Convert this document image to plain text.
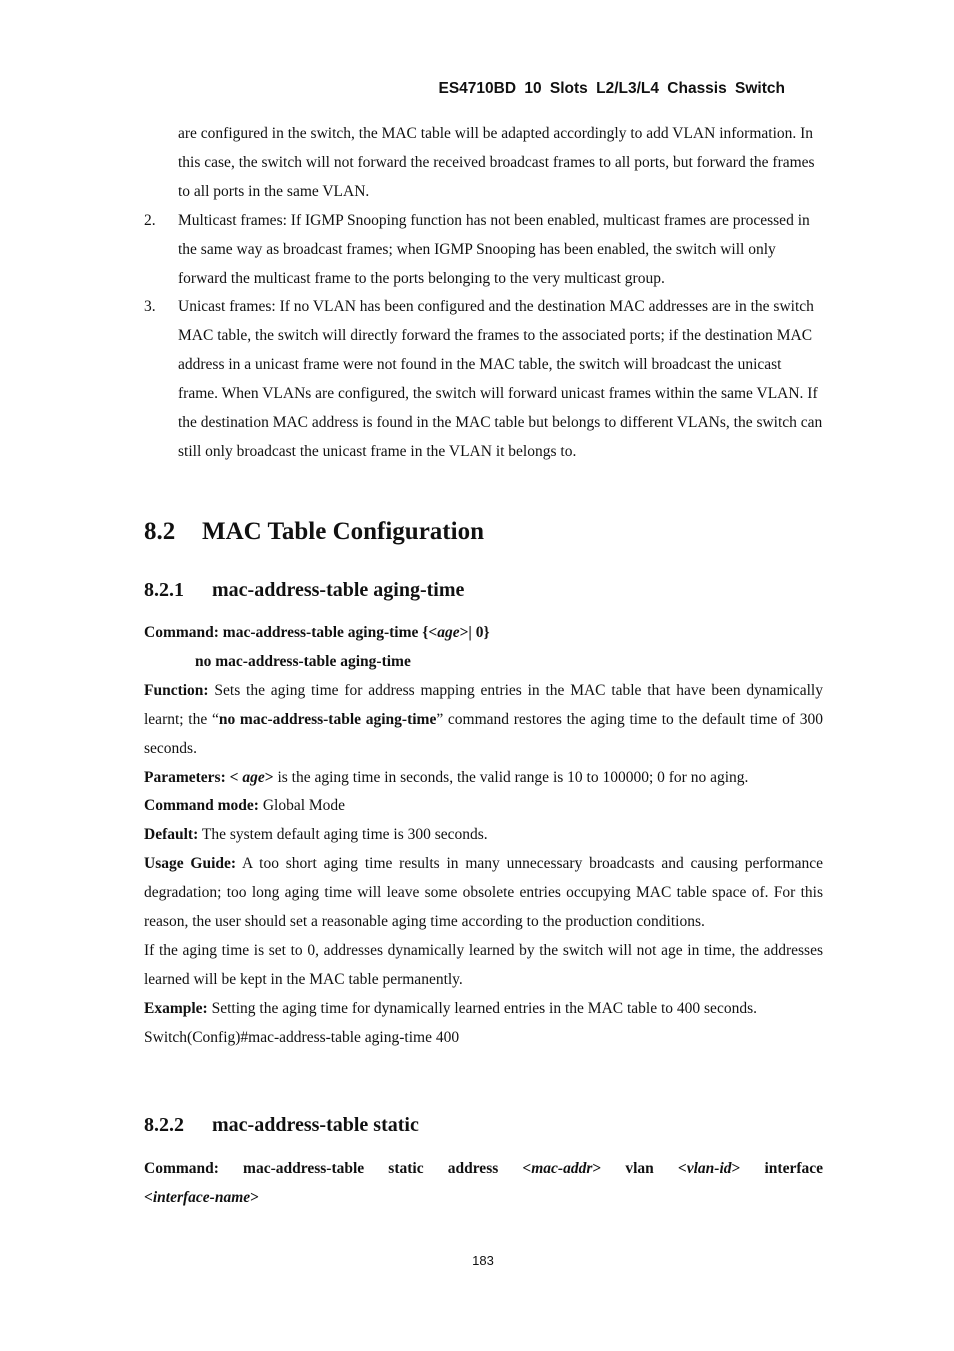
ES4710BD 10 Slots L2/L3/L4 Chassis Switch
are configured in the switch, the MAC table will be adapted accordingly to add VLAN information. In this case, the switch will not forward the received broadcast frames to all ports, but forward the frames to all ports in the same VLAN.
2. Multicast frames: If IGMP Snooping function has not been enabled, multicast frames are processed in the same way as broadcast frames; when IGMP Snooping has been enabled, the switch will only forward the multicast frame to the ports belonging to the very multicast group.
3. Unicast frames: If no VLAN has been configured and the destination MAC addresses are in the switch MAC table, the switch will directly forward the frames to the associated ports; if the destination MAC address in a unicast frame were not found in the MAC table, the switch will broadcast the unicast frame. When VLANs are configured, the switch will forward unicast frames within the same VLAN. If the destination MAC address is found in the MAC table but belongs to different VLANs, the switch can still only broadcast the unicast frame in the VLAN it belongs to.
8.2 MAC Table Configuration
8.2.1 mac-address-table aging-time
Command: mac-address-table aging-time {<age>| 0}
no mac-address-table aging-time
Function: Sets the aging time for address mapping entries in the MAC table that have been dynamically learnt; the “no mac-address-table aging-time” command restores the aging time to the default time of 300 seconds.
Parameters: < age> is the aging time in seconds, the valid range is 10 to 100000; 0 for no aging.
Command mode: Global Mode
Default: The system default aging time is 300 seconds.
Usage Guide: A too short aging time results in many unnecessary broadcasts and causing performance degradation; too long aging time will leave some obsolete entries occupying MAC table space of. For this reason, the user should set a reasonable aging time according to the production conditions.
If the aging time is set to 0, addresses dynamically learned by the switch will not age in time, the addresses learned will be kept in the MAC table permanently.
Example: Setting the aging time for dynamically learned entries in the MAC table to 400 seconds.
Switch(Config)#mac-address-table aging-time 400
8.2.2 mac-address-table static
Command: mac-address-table static address <mac-addr> vlan <vlan-id> interface
<interface-name>
183
